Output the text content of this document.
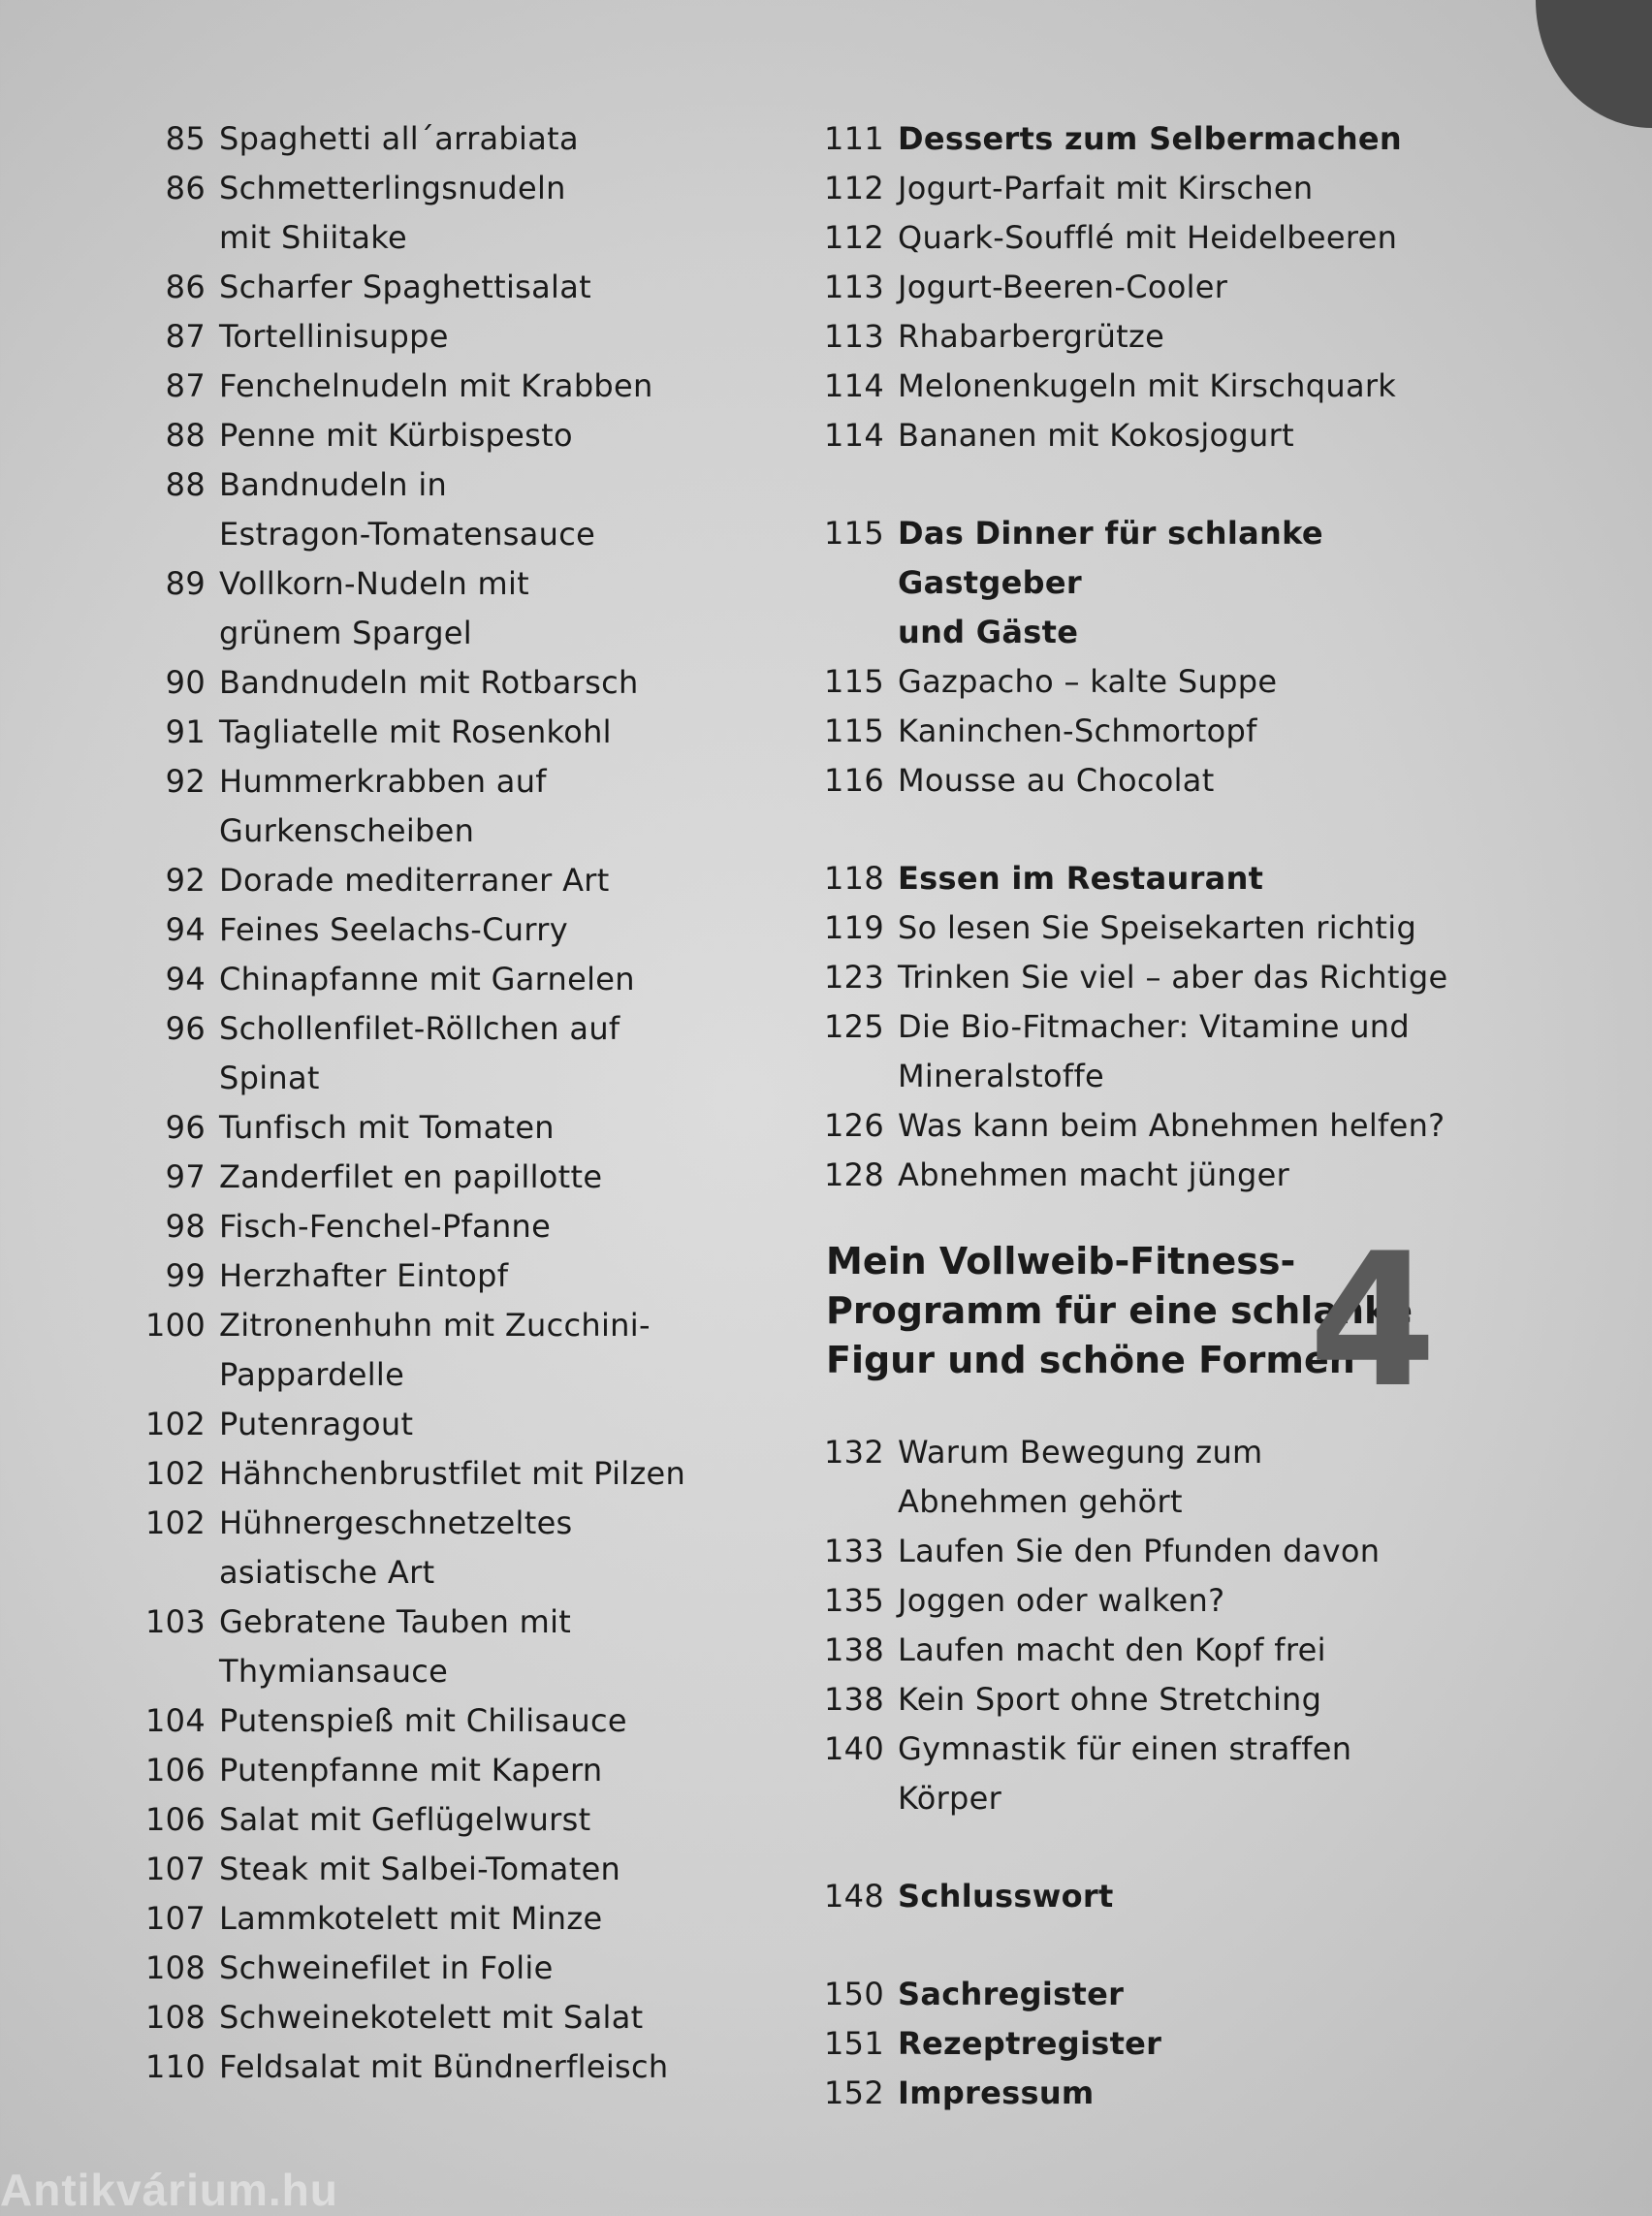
85 Spaghetti all´arrabiata
86 Schmetterlingsnudeln
mit Shiitake
86 Scharfer Spaghettisalat
87 Tortellinisuppe
87 Fenchelnudeln mit Krabben
88 Penne mit Kürbispesto
88 Bandnudeln in
Estragon-Tomatensauce
89 Vollkorn-Nudeln mit
grünem Spargel
90 Bandnudeln mit Rotbarsch
91 Tagliatelle mit Rosenkohl
92 Hummerkrabben auf
Gurkenscheiben
92 Dorade mediterraner Art
94 Feines Seelachs-Curry
94 Chinapfanne mit Garnelen
96 Schollenfilet-Röllchen auf Spinat
96 Tunfisch mit Tomaten
97 Zanderfilet en papillotte
98 Fisch-Fenchel-Pfanne
99 Herzhafter Eintopf
100 Zitronenhuhn mit Zucchini-
Pappardelle
102 Putenragout
102 Hähnchenbrustfilet mit Pilzen
102 Hühnergeschnetzeltes
asiatische Art
103 Gebratene Tauben mit
Thymiansauce
104 Putenspieß mit Chilisauce
106 Putenpfanne mit Kapern
106 Salat mit Geflügelwurst
107 Steak mit Salbei-Tomaten
107 Lammkotelett mit Minze
108 Schweinefilet in Folie
108 Schweinekotelett mit Salat
110 Feldsalat mit Bündnerfleisch
111 Desserts zum Selbermachen
112 Jogurt-Parfait mit Kirschen
112 Quark-Soufflé mit Heidelbeeren
113 Jogurt-Beeren-Cooler
113 Rhabarbergrütze
114 Melonenkugeln mit Kirschquark
114 Bananen mit Kokosjogurt
115 Das Dinner für schlanke Gastgeber
und Gäste
115 Gazpacho – kalte Suppe
115 Kaninchen-Schmortopf
116 Mousse au Chocolat
118 Essen im Restaurant
119 So lesen Sie Speisekarten richtig
123 Trinken Sie viel – aber das Richtige
125 Die Bio-Fitmacher: Vitamine und
Mineralstoffe
126 Was kann beim Abnehmen helfen?
128 Abnehmen macht jünger
Mein Vollweib-Fitness-
Programm für eine schlanke
Figur und schöne Formen
4
132 Warum Bewegung zum
Abnehmen gehört
133 Laufen Sie den Pfunden davon
135 Joggen oder walken?
138 Laufen macht den Kopf frei
138 Kein Sport ohne Stretching
140 Gymnastik für einen straffen Körper
148 Schlusswort
150 Sachregister
151 Rezeptregister
152 Impressum
Antikvárium.hu
